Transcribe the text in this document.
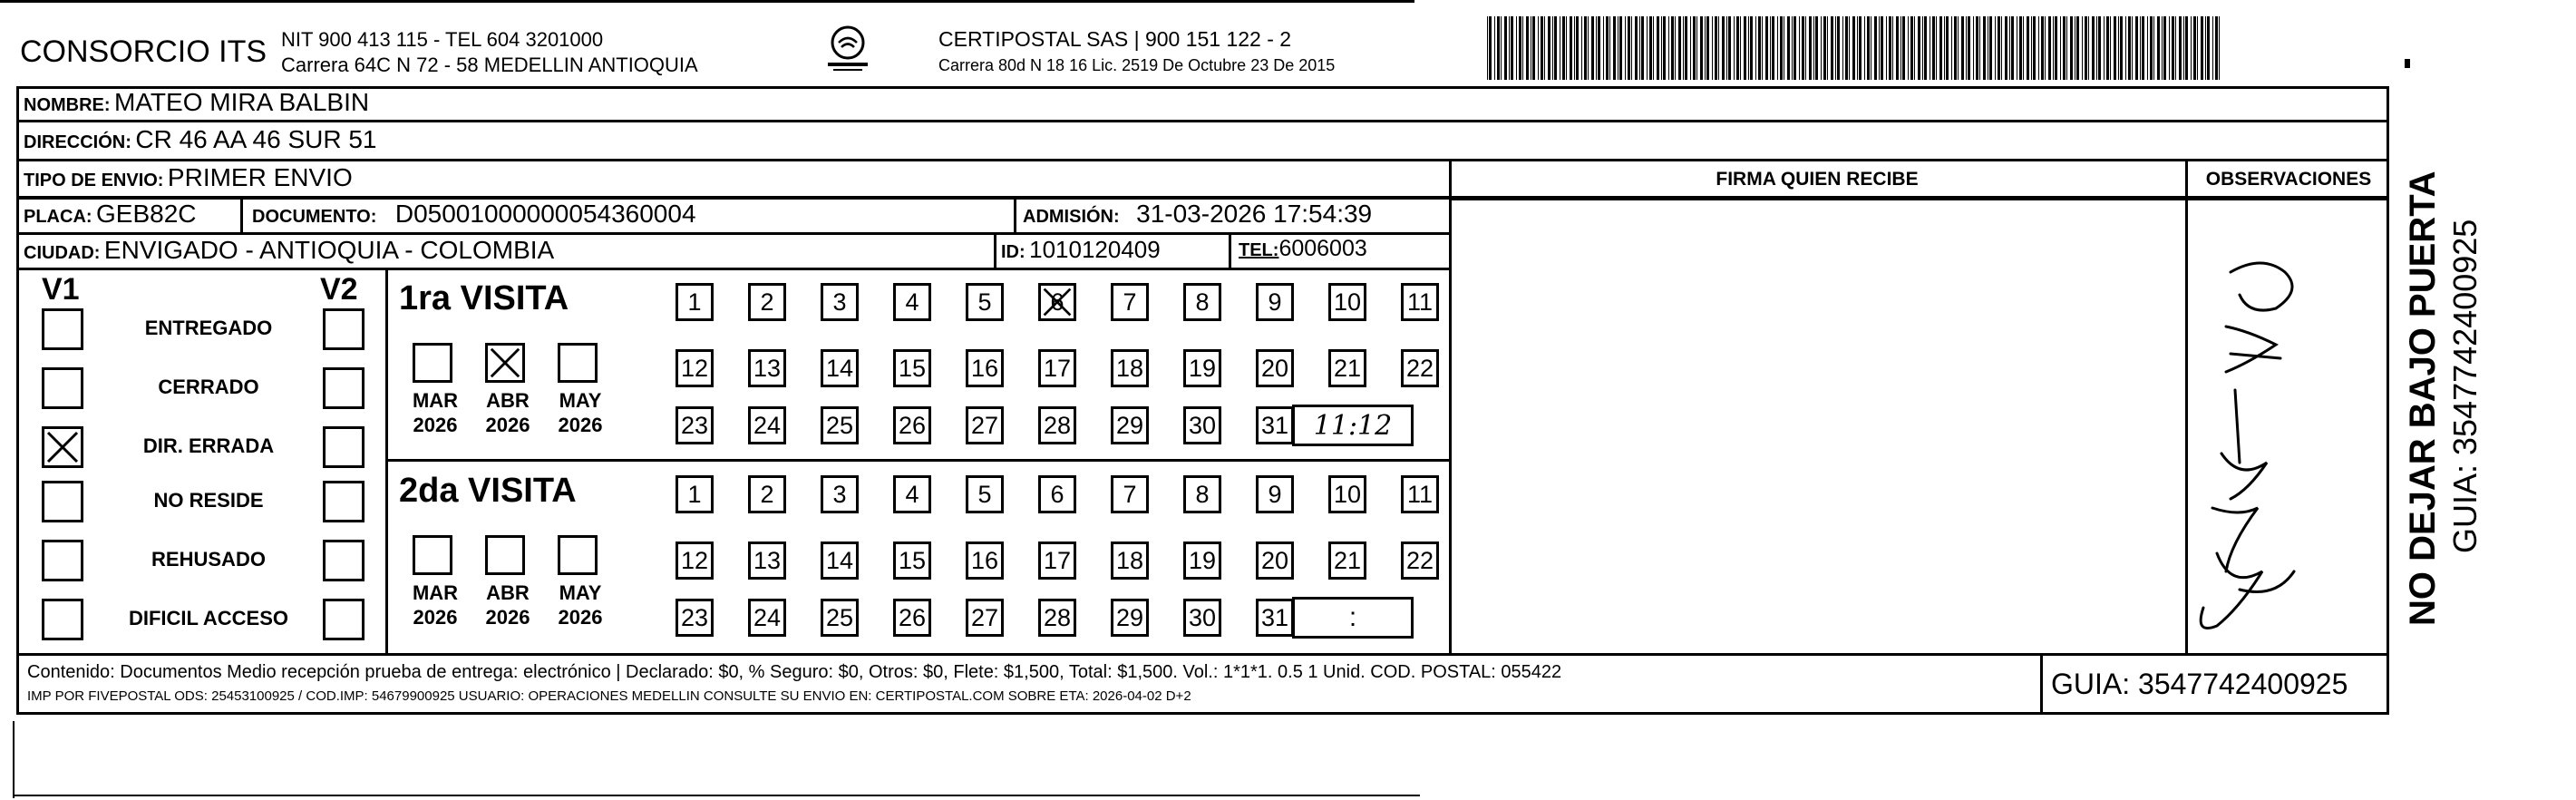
CONSORCIO ITS NIT 900 413 115 - TEL 604 3201000
Carrera 64C N 72 - 58 MEDELLIN ANTIOQUIA
CERTIPOSTAL SAS | 900 151 122 - 2
Carrera 80d N 18 16 Lic. 2519 De Octubre 23 De 2015
NOMBRE: MATEO MIRA BALBIN
DIRECCIÓN: CR 46 AA 46 SUR 51
TIPO DE ENVIO: PRIMER ENVIO
PLACA: GEB82C	DOCUMENTO: D05001000000054360004	ADMISIÓN: 31-03-2026 17:54:39
CIUDAD: ENVIGADO - ANTIOQUIA - COLOMBIA	ID: 1010120409	TEL:6006003
FIRMA QUIEN RECIBE	OBSERVACIONES
V1	V2
ENTREGADO
CERRADO
DIR. ERRADA
NO RESIDE
REHUSADO
DIFICIL ACCESO
1ra VISITA
MAR
2026
ABR
2026
MAY
2026
1	2	3	4	5	6	7	8	9	10 11
12 13 14 15 16 17 18 19 20 21 22
23 24 25 26 27 28 29 30 31 11:12
2da VISITA
MAR
2026
ABR
2026
MAY
2026
1	2	3	4	5	6	7	8	9	10 11
12 13 14 15 16 17 18 19 20 21 22
23 24 25 26 27 28 29 30 31	:
Contenido: Documentos Medio recepción prueba de entrega: electrónico | Declarado: $0, % Seguro: $0, Otros: $0, Flete: $1,500, Total: $1,500. Vol.: 1*1*1. 0.5 1 Unid. COD. POSTAL: 055422
IMP POR FIVEPOSTAL ODS: 25453100925 / COD.IMP: 54679900925 USUARIO: OPERACIONES MEDELLIN CONSULTE SU ENVIO EN: CERTIPOSTAL.COM SOBRE ETA: 2026-04-02 D+2	GUIA: 3547742400925
NO DEJAR BAJO PUERTA GUIA: 3547742400925
